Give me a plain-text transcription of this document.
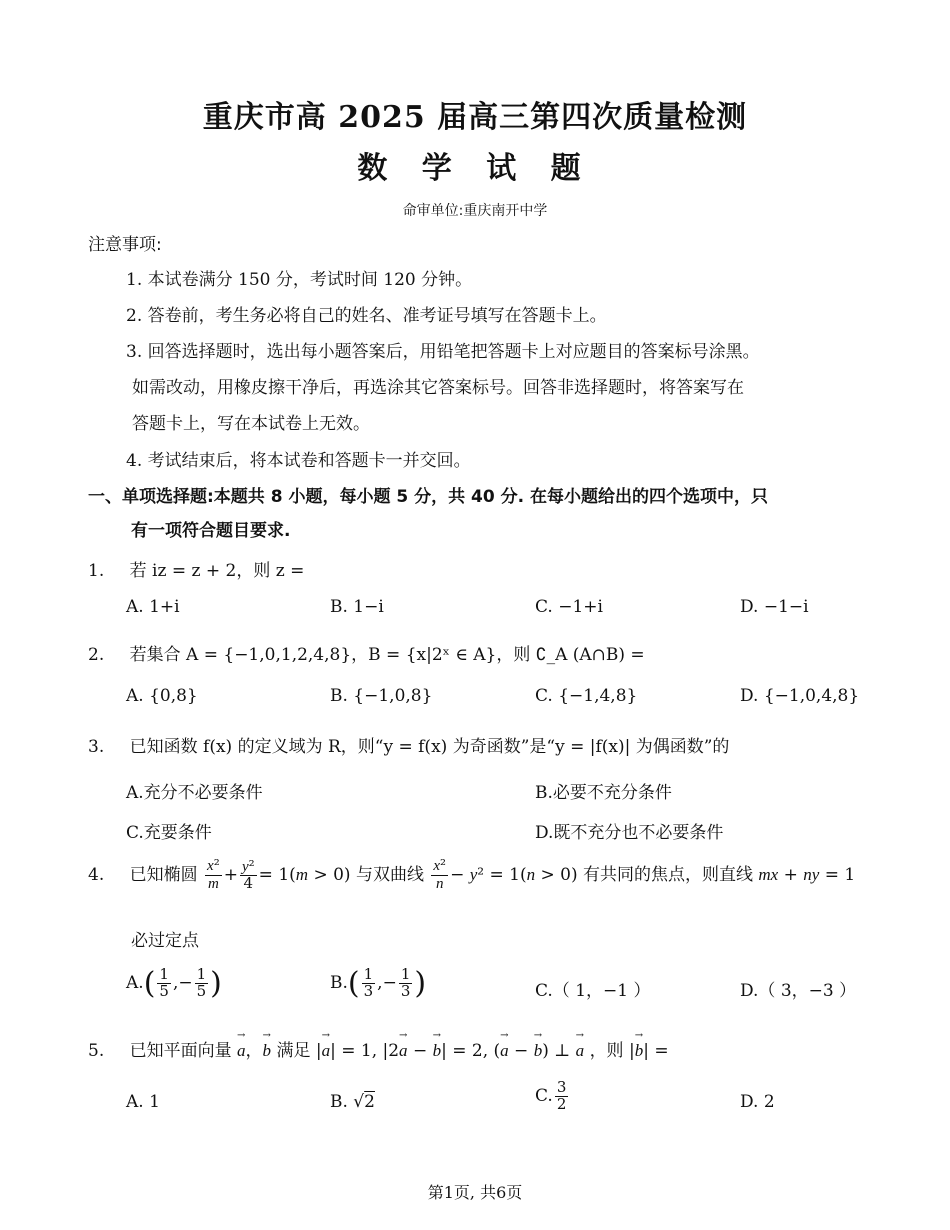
重庆市高 2025 届高三第四次质量检测
数 学 试 题
命审单位:重庆南开中学
注意事项:
1. 本试卷满分 150 分，考试时间 120 分钟。
2. 答卷前，考生务必将自己的姓名、准考证号填写在答题卡上。
3. 回答选择题时，选出每小题答案后，用铅笔把答题卡上对应题目的答案标号涂黑。
如需改动，用橡皮擦干净后，再选涂其它答案标号。回答非选择题时，将答案写在
答题卡上，写在本试卷上无效。
4. 考试结束后，将本试卷和答题卡一并交回。
一、单项选择题:本题共 8 小题，每小题 5 分，共 40 分. 在每小题给出的四个选项中，只
有一项符合题目要求.
1. 若 iz = z + 2，则 z =
A. 1+i	B. 1−i	C. −1+i	D. −1−i
2. 若集合 A = {−1,0,1,2,4,8}，B = {x|2ˣ ∈ A}，则 ∁_A (A∩B) =
A. {0,8}	B. {−1,0,8}	C. {−1,4,8}	D. {−1,0,4,8}
3. 已知函数 f(x) 的定义域为 R，则“y = f(x) 为奇函数”是“y = |f(x)| 为偶函数”的
A.充分不必要条件	B.必要不充分条件
C.充要条件	D.既不充分也不必要条件
4. 已知椭圆 $\frac{\text{x²}}{m} + \frac{\text{y²}}{4} = 1(m > 0)$ 与双曲线 $\frac{\text{x²}}{n} - y^2 = 1(n > 0)$ 有共同的焦点，则直线 mx + ny = 1
必过定点
$A.( \frac{1}{5}$ ,− $\frac{1}{5}$ )	$B.( \frac{1}{3}$ ,− $\frac{1}{3}$ )	C.（ 1，−1 ）	D.（ 3，−3 ）
5. 已知平面向量 → a，→ b 满足 |→ a| = 1, |2→ a − → b| = 2, (→ a − → b) ⊥ → a ，则 |→ b| =
A. 1	B. √2	C. $\frac{3}{2}$	D. 2
第1页, 共6页
